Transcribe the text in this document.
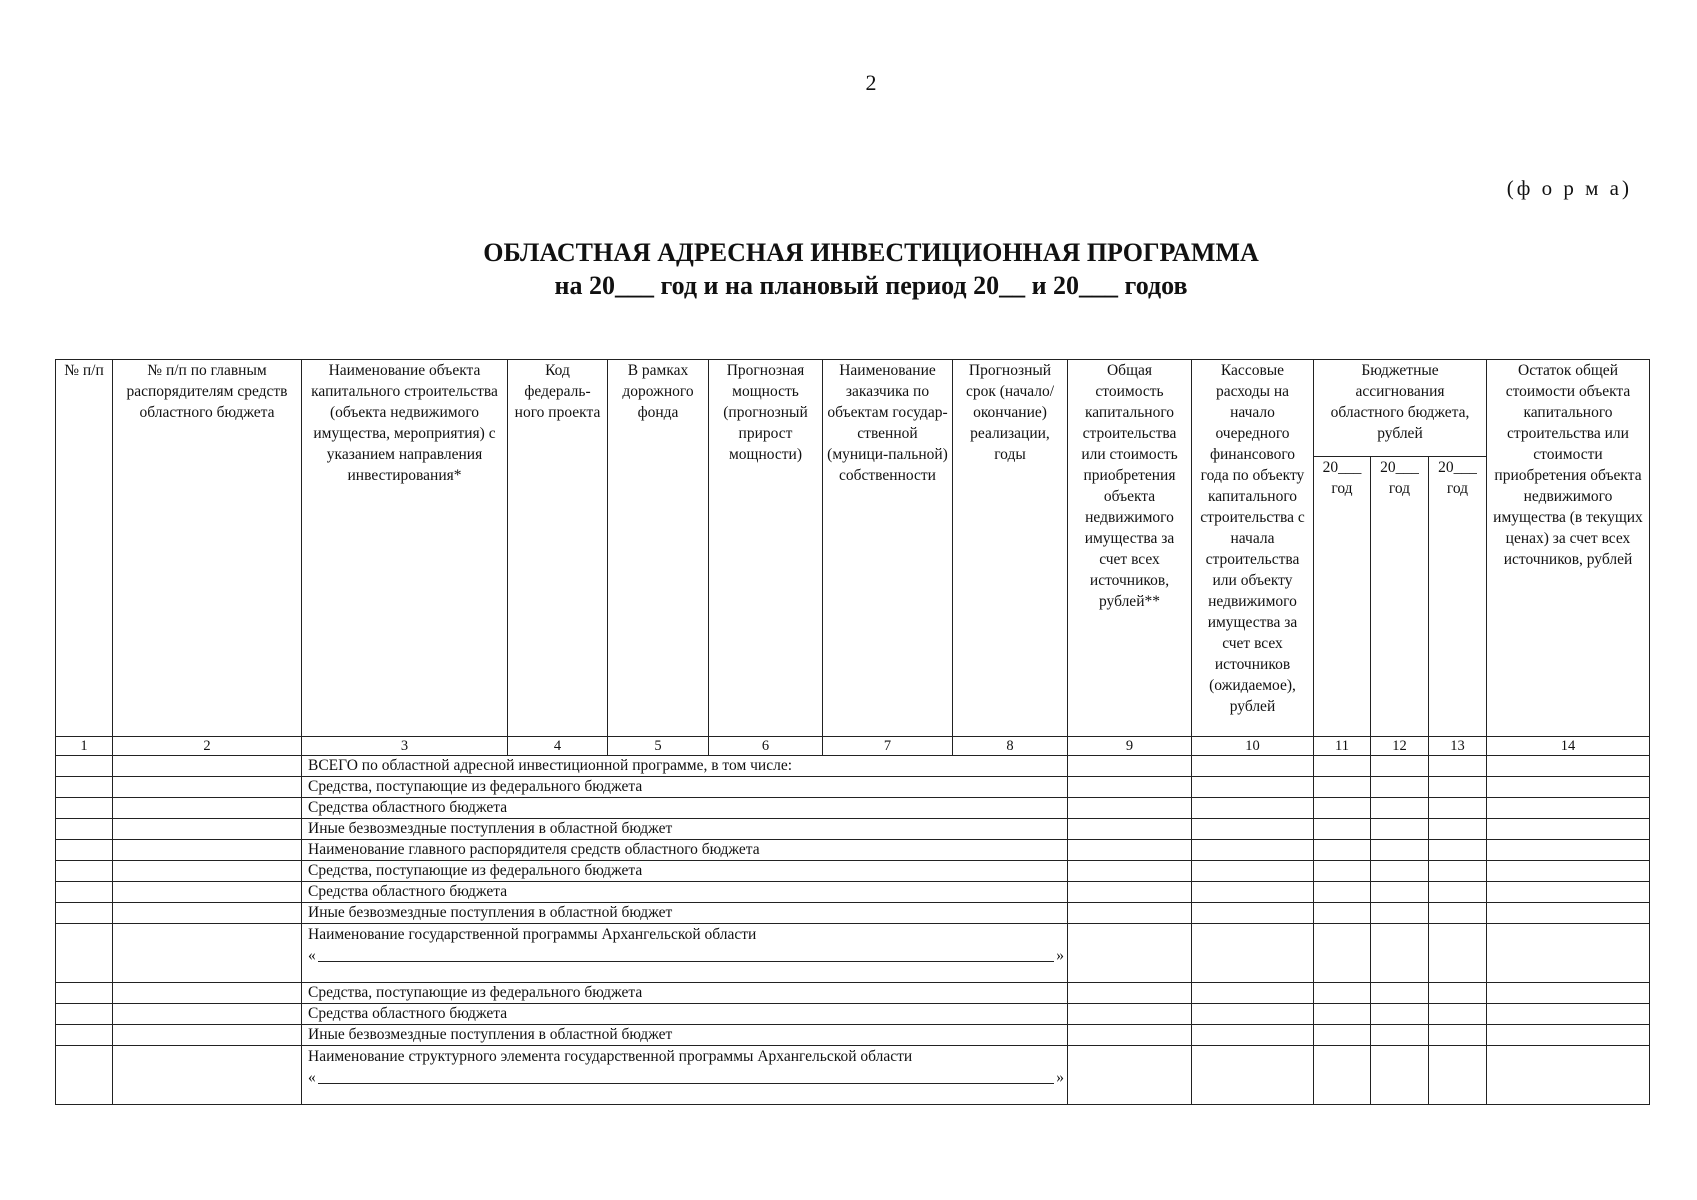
2
(ф о р м а)
ОБЛАСТНАЯ АДРЕСНАЯ ИНВЕСТИЦИОННАЯ ПРОГРАММА
на 20___ год и на плановый период 20__ и 20___ годов
№ п/п	№ п/п по главным распорядителям средств областного бюджета	Наименование объекта капитального строительства (объекта недвижимого имущества, мероприятия) с указанием направления инвестирования*	Код федераль-ного проекта	В рамках дорожного фонда	Прогнозная мощность (прогнозный прирост мощности)	Наименование заказчика по объектам государ-ственной (муници-пальной) собственности	Прогнозный срок (начало/ окончание) реализации, годы	Общая стоимость капитального строительства или стоимость приобретения объекта недвижимого имущества за счет всех источников, рублей**	Кассовые расходы на начало очередного финансового года по объекту капитального строительства с начала строительства или объекту недвижимого имущества за счет всех источников (ожидаемое), рублей	Бюджетные ассигнования областного бюджета, рублей			Остаток общей стоимости объекта капитального строительства или стоимости приобретения объекта недвижимого имущества (в текущих ценах) за счет всех источников, рублей
										20___ год	20___ год	20___ год	
1	2	3	4	5	6	7	8	9	10	11	12	13	14
		ВСЕГО по областной адресной инвестиционной программе, в том числе:											
		Средства, поступающие из федерального бюджета											
		Средства областного бюджета											
		Иные безвозмездные поступления в областной бюджет											
		Наименование главного распорядителя средств областного бюджета											
		Средства, поступающие из федерального бюджета											
		Средства областного бюджета											
		Иные безвозмездные поступления в областной бюджет											

		Наименование государственной программы Архангельской области
« »											

		Средства, поступающие из федерального бюджета											
		Средства областного бюджета											
		Иные безвозмездные поступления в областной бюджет											

		Наименование структурного элемента государственной программы Архангельской области
« »											
